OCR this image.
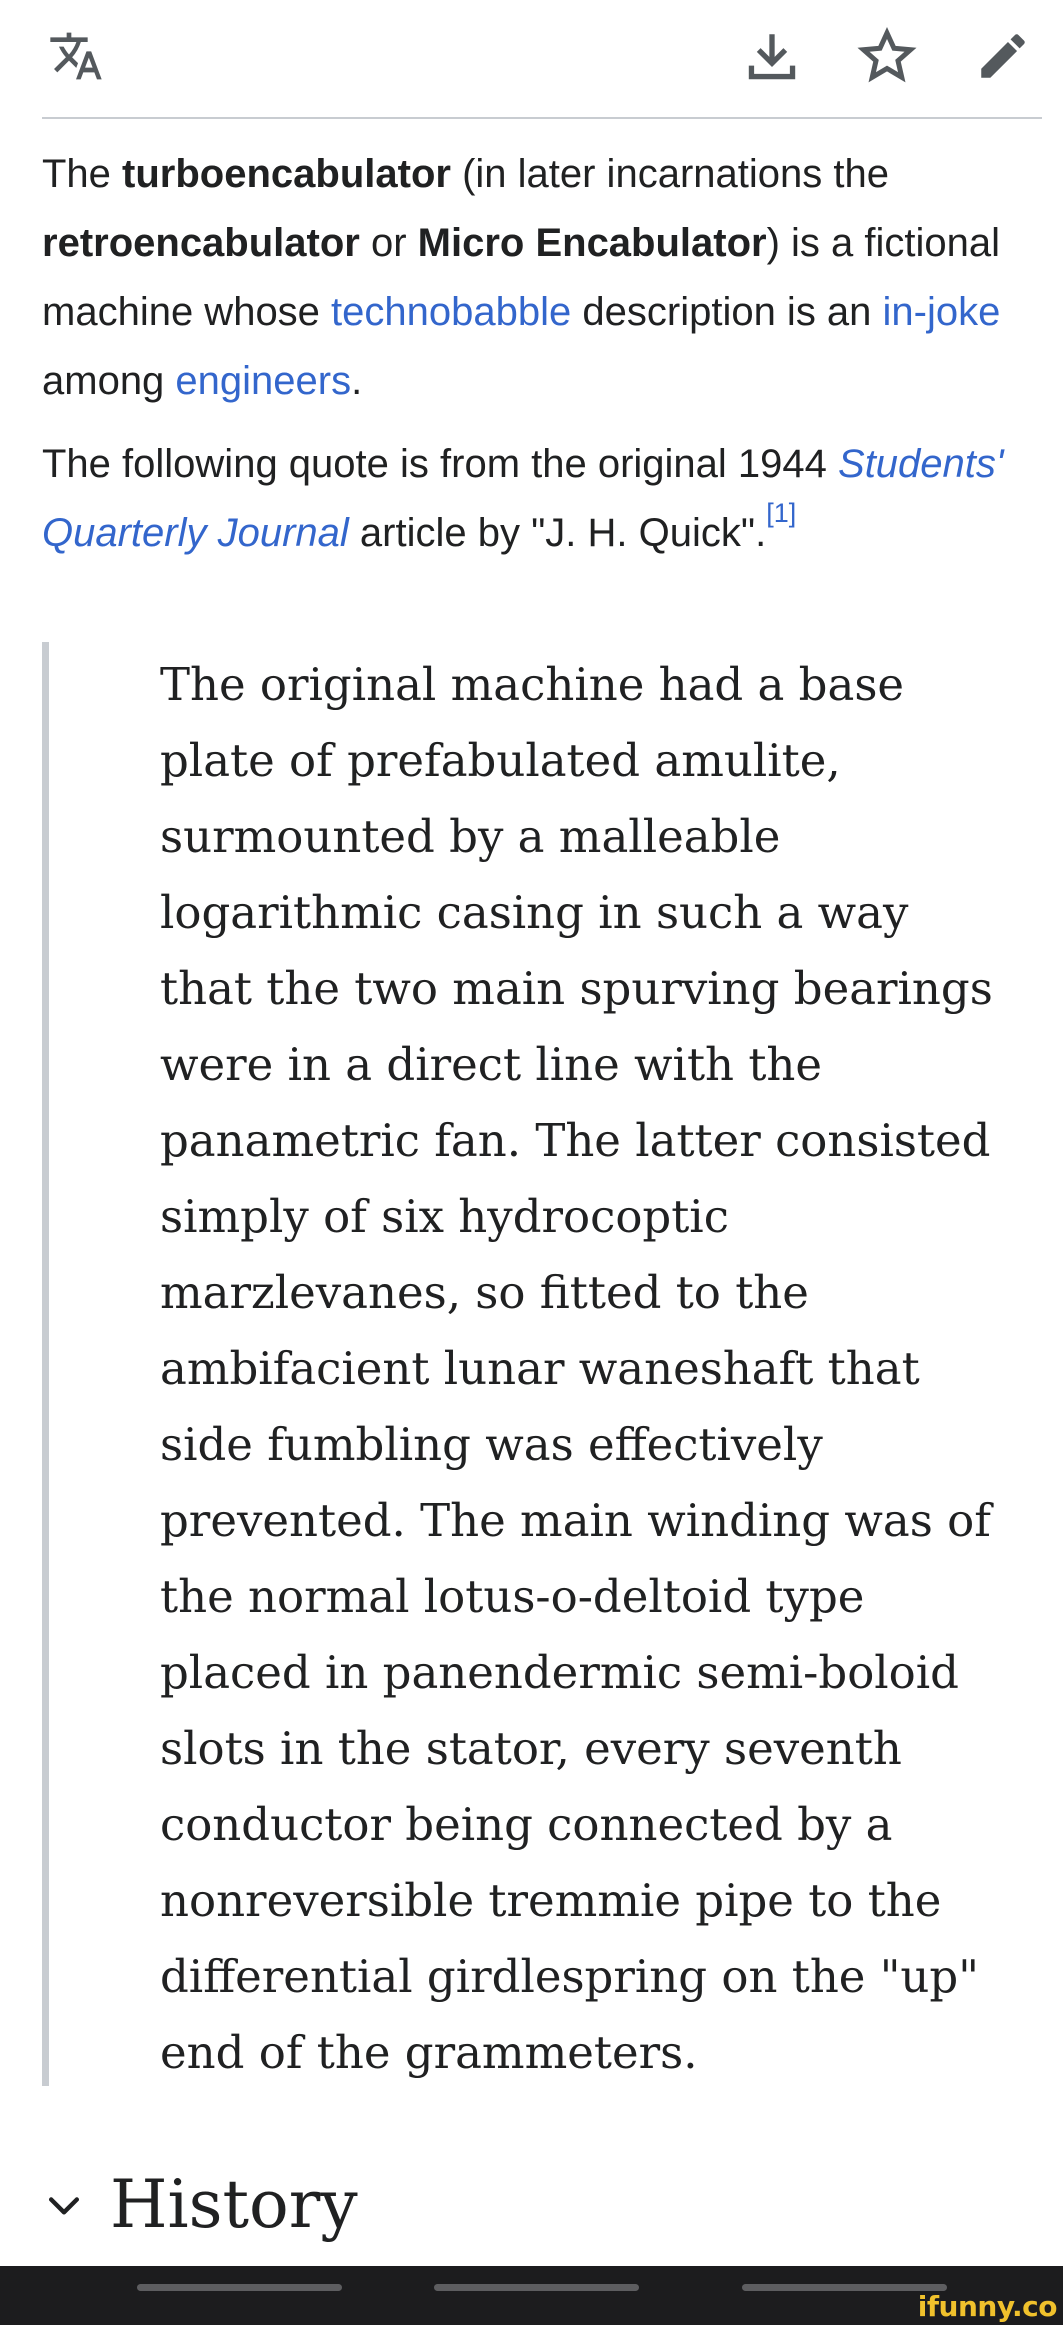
The turboencabulator (in later incarnations the retroencabulator or Micro Encabulator) is a fictional machine whose technobabble description is an in-joke among engineers.

The following quote is from the original 1944 Students' Quarterly Journal article by "J. H. Quick".[1]

The original machine had a base plate of prefabulated amulite, surmounted by a malleable logarithmic casing in such a way that the two main spurving bearings were in a direct line with the panametric fan. The latter consisted simply of six hydrocoptic marzlevanes, so fitted to the ambifacient lunar waneshaft that side fumbling was effectively prevented. The main winding was of the normal lotus-o-deltoid type placed in panendermic semi-boloid slots in the stator, every seventh conductor being connected by a nonreversible tremmie pipe to the differential girdlespring on the "up" end of the grammeters.
History
ifunny.co
